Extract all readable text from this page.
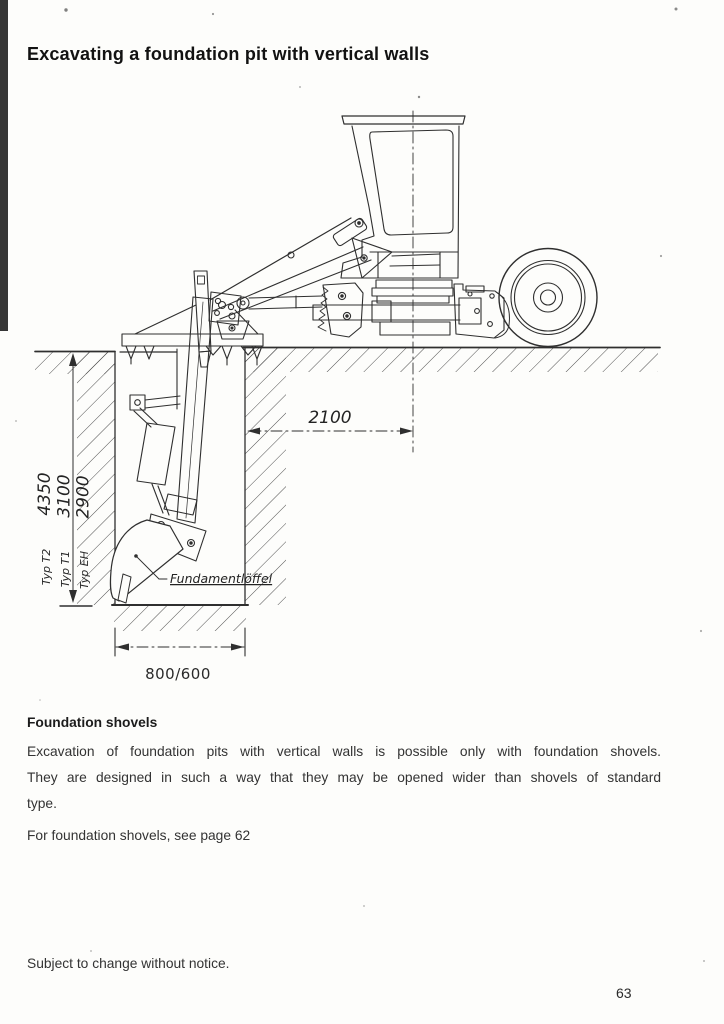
Excavating a foundation pit with vertical walls
Fundamentlöffel
4350 3100 2900
Typ T2 Typ T1 Typ EH
2100
800/600

Foundation shovels

Excavation of foundation pits with vertical walls is possible only with foundation shovels.
They are designed in such a way that they may be opened wider than shovels of standard
type.
For foundation shovels, see page 62
Subject to change without notice.
63
